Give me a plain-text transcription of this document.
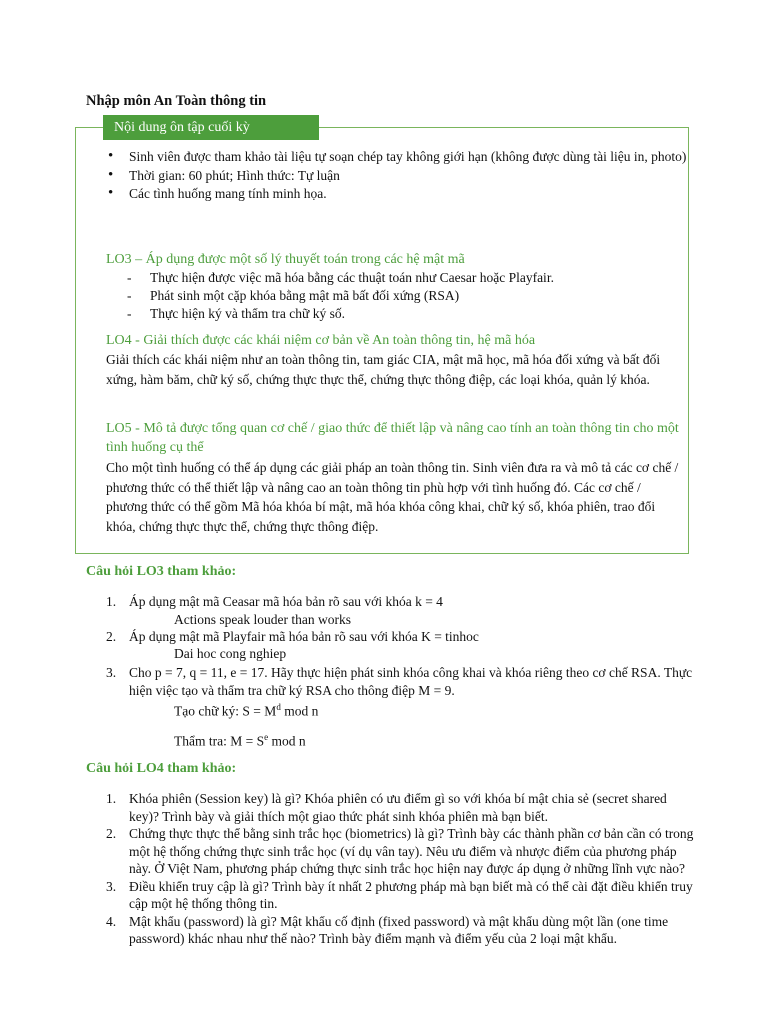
Nhập môn An Toàn thông tin
Nội dung ôn tập cuối kỳ
• Sinh viên được tham khảo tài liệu tự soạn chép tay không giới hạn (không được dùng tài liệu in, photo)
• Thời gian: 60 phút; Hình thức: Tự luận
• Các tình huống mang tính minh họa.
LO3 – Áp dụng được một số lý thuyết toán trong các hệ mật mã
- Thực hiện được việc mã hóa bằng các thuật toán như Caesar hoặc Playfair.
- Phát sinh một cặp khóa bằng mật mã bất đối xứng (RSA)
- Thực hiện ký và thẩm tra chữ ký số.
LO4 - Giải thích được các khái niệm cơ bản về An toàn thông tin, hệ mã hóa
Giải thích các khái niệm như an toàn thông tin, tam giác CIA, mật mã học, mã hóa đối xứng và bất đối xứng, hàm băm, chữ ký số, chứng thực thực thể, chứng thực thông điệp, các loại khóa, quản lý khóa.
LO5 - Mô tả được tổng quan cơ chế / giao thức để thiết lập và nâng cao tính an toàn thông tin cho một tình huống cụ thể
Cho một tình huống có thể áp dụng các giải pháp an toàn thông tin. Sinh viên đưa ra và mô tả các cơ chế / phương thức có thể thiết lập và nâng cao an toàn thông tin phù hợp với tình huống đó. Các cơ chế / phương thức có thể gồm Mã hóa khóa bí mật, mã hóa khóa công khai, chữ ký số, khóa phiên, trao đổi khóa, chứng thực thực thể, chứng thực thông điệp.
Câu hỏi LO3 tham khảo:
1. Áp dụng mật mã Ceasar mã hóa bản rõ sau với khóa k = 4
Actions speak louder than works
2. Áp dụng mật mã Playfair mã hóa bản rõ sau với khóa K = tinhoc
Dai hoc cong nghiep
3. Cho p = 7, q = 11, e = 17. Hãy thực hiện phát sinh khóa công khai và khóa riêng theo cơ chế RSA. Thực hiện việc tạo và thẩm tra chữ ký RSA cho thông điệp M = 9.
Tạo chữ ký: $S = M^d$ mod n
Thẩm tra: $M = S^e$ mod n
Câu hỏi LO4 tham khảo:
1. Khóa phiên (Session key) là gì? Khóa phiên có ưu điểm gì so với khóa bí mật chia sẻ (secret shared key)? Trình bày và giải thích một giao thức phát sinh khóa phiên mà bạn biết.
2. Chứng thực thực thể bằng sinh trắc học (biometrics) là gì? Trình bày các thành phần cơ bản cần có trong một hệ thống chứng thực sinh trắc học (ví dụ vân tay). Nêu ưu điểm và nhược điểm của phương pháp này. Ở Việt Nam, phương pháp chứng thực sinh trắc học hiện nay được áp dụng ở những lĩnh vực nào?
3. Điều khiển truy cập là gì? Trình bày ít nhất 2 phương pháp mà bạn biết mà có thể cài đặt điều khiển truy cập một hệ thống thông tin.
4. Mật khẩu (password) là gì? Mật khẩu cố định (fixed password) và mật khẩu dùng một lần (one time password) khác nhau như thế nào? Trình bày điểm mạnh và điểm yếu của 2 loại mật khẩu.
